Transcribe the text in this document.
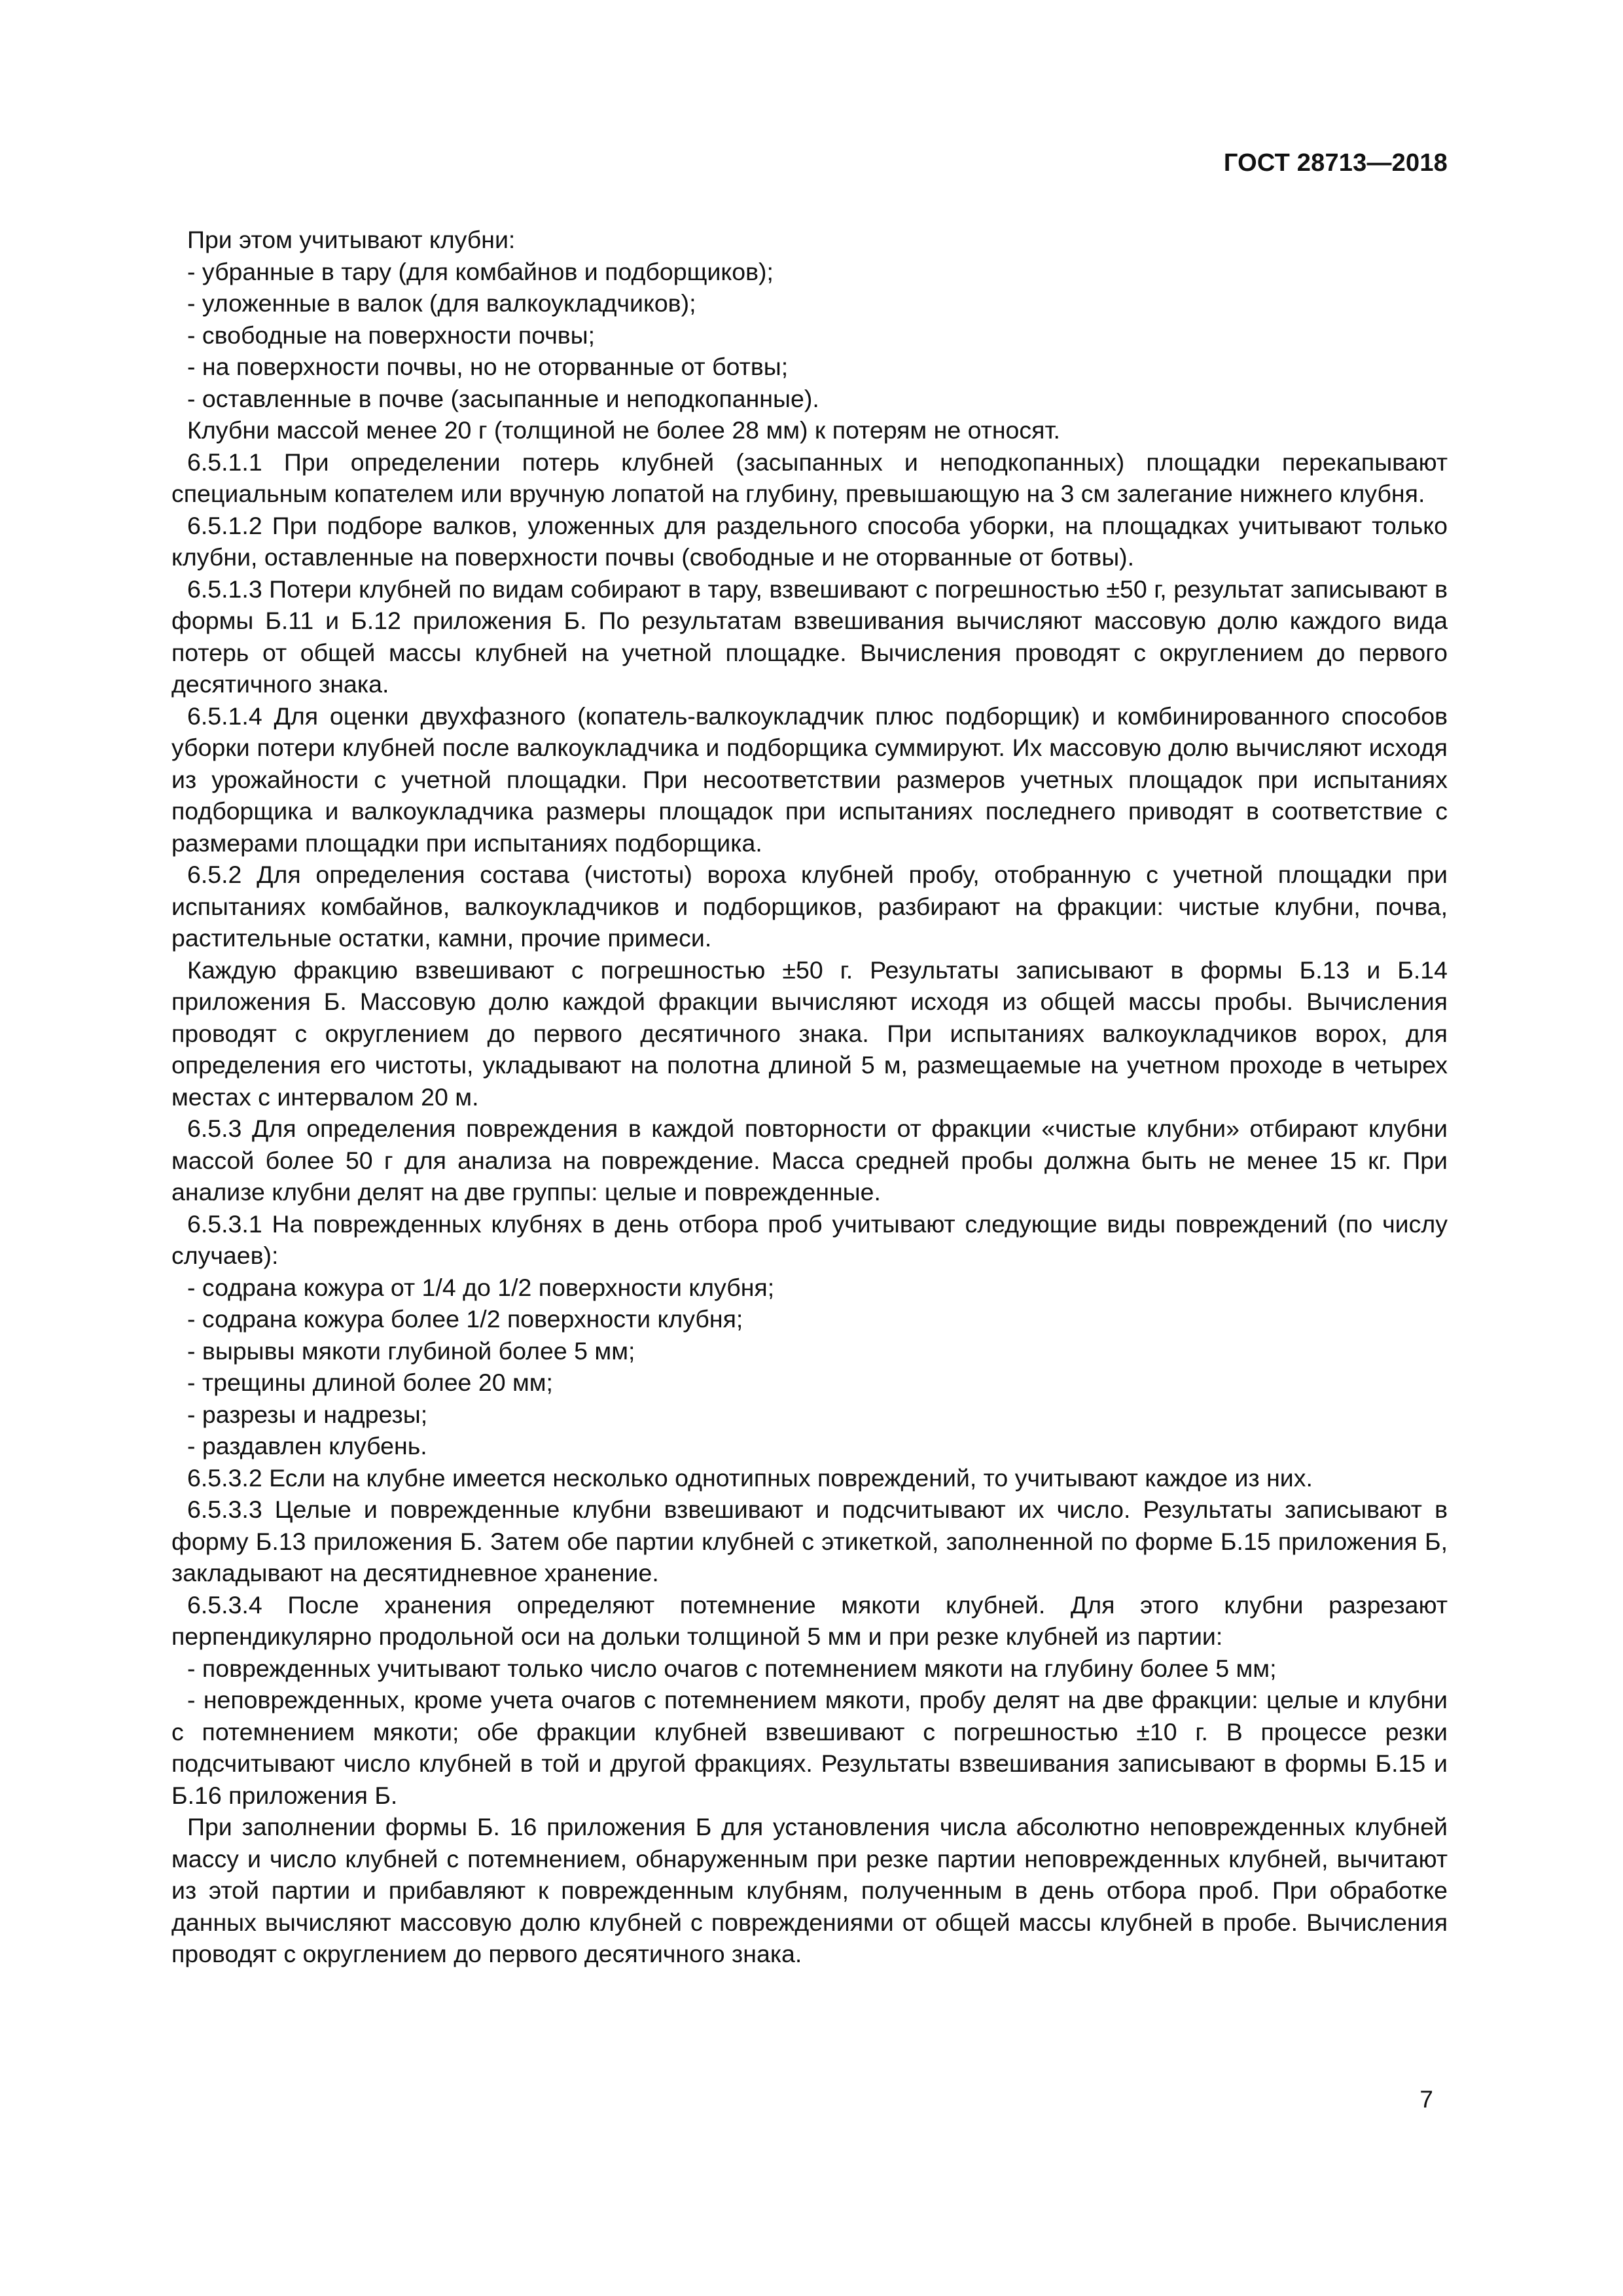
ГОСТ 28713—2018

При этом учитывают клубни:

- убранные в тару (для комбайнов и подборщиков);

- уложенные в валок (для валкоукладчиков);

- свободные на поверхности почвы;

- на поверхности почвы, но не оторванные от ботвы;

- оставленные в почве (засыпанные и неподкопанные).

Клубни массой менее 20 г (толщиной не более 28 мм) к потерям не относят.

6.5.1.1 При определении потерь клубней (засыпанных и неподкопанных) площадки перекапывают специальным копателем или вручную лопатой на глубину, превышающую на 3 см залегание нижнего клубня.

6.5.1.2 При подборе валков, уложенных для раздельного способа уборки, на площадках учитывают только клубни, оставленные на поверхности почвы (свободные и не оторванные от ботвы).

6.5.1.3 Потери клубней по видам собирают в тару, взвешивают с погрешностью ±50 г, результат записывают в формы Б.11 и Б.12 приложения Б. По результатам взвешивания вычисляют массовую долю каждого вида потерь от общей массы клубней на учетной площадке. Вычисления проводят с округлением до первого десятичного знака.

6.5.1.4 Для оценки двухфазного (копатель-валкоукладчик плюс подборщик) и комбинированного способов уборки потери клубней после валкоукладчика и подборщика суммируют. Их массовую долю вычисляют исходя из урожайности с учетной площадки. При несоответствии размеров учетных площадок при испытаниях подборщика и валкоукладчика размеры площадок при испытаниях последнего приводят в соответствие с размерами площадки при испытаниях подборщика.

6.5.2 Для определения состава (чистоты) вороха клубней пробу, отобранную с учетной площадки при испытаниях комбайнов, валкоукладчиков и подборщиков, разбирают на фракции: чистые клубни, почва, растительные остатки, камни, прочие примеси.

Каждую фракцию взвешивают с погрешностью ±50 г. Результаты записывают в формы Б.13 и Б.14 приложения Б. Массовую долю каждой фракции вычисляют исходя из общей массы пробы. Вычисления проводят с округлением до первого десятичного знака. При испытаниях валкоукладчиков ворох, для определения его чистоты, укладывают на полотна длиной 5 м, размещаемые на учетном проходе в четырех местах с интервалом 20 м.

6.5.3 Для определения повреждения в каждой повторности от фракции «чистые клубни» отбирают клубни массой более 50 г для анализа на повреждение. Масса средней пробы должна быть не менее 15 кг. При анализе клубни делят на две группы: целые и поврежденные.

6.5.3.1 На поврежденных клубнях в день отбора проб учитывают следующие виды повреждений (по числу случаев):

- содрана кожура от 1/4 до 1/2 поверхности клубня;

- содрана кожура более 1/2 поверхности клубня;

- вырывы мякоти глубиной более 5 мм;

- трещины длиной более 20 мм;

- разрезы и надрезы;

- раздавлен клубень.

6.5.3.2 Если на клубне имеется несколько однотипных повреждений, то учитывают каждое из них.

6.5.3.3 Целые и поврежденные клубни взвешивают и подсчитывают их число. Результаты записывают в форму Б.13 приложения Б. Затем обе партии клубней с этикеткой, заполненной по форме Б.15 приложения Б, закладывают на десятидневное хранение.

6.5.3.4 После хранения определяют потемнение мякоти клубней. Для этого клубни разрезают перпендикулярно продольной оси на дольки толщиной 5 мм и при резке клубней из партии:

- поврежденных учитывают только число очагов с потемнением мякоти на глубину более 5 мм;

- неповрежденных, кроме учета очагов с потемнением мякоти, пробу делят на две фракции: целые и клубни с потемнением мякоти; обе фракции клубней взвешивают с погрешностью ±10 г. В процессе резки подсчитывают число клубней в той и другой фракциях. Результаты взвешивания записывают в формы Б.15 и Б.16 приложения Б.

При заполнении формы Б. 16 приложения Б для установления числа абсолютно неповрежденных клубней массу и число клубней с потемнением, обнаруженным при резке партии неповрежденных клубней, вычитают из этой партии и прибавляют к поврежденным клубням, полученным в день отбора проб. При обработке данных вычисляют массовую долю клубней с повреждениями от общей массы клубней в пробе. Вычисления проводят с округлением до первого десятичного знака.

7
